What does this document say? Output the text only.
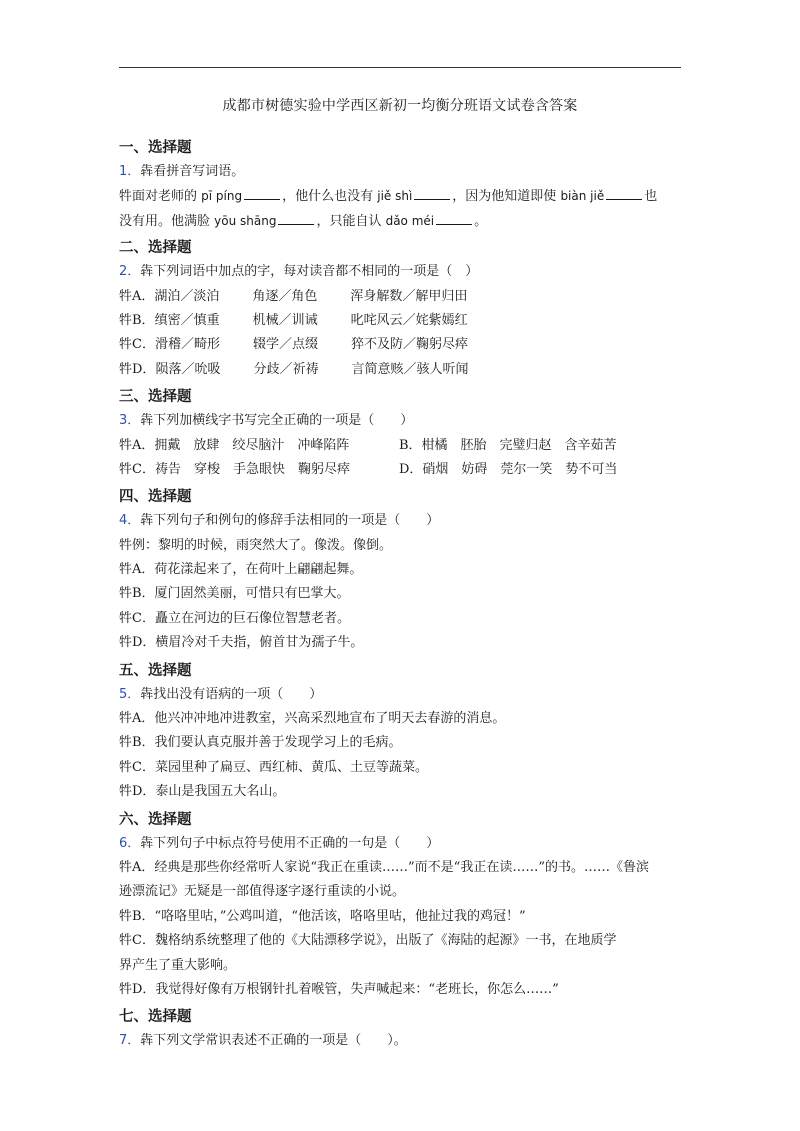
成都市树德实验中学西区新初一均衡分班语文试卷含答案
一、选择题
1．犇看拼音写词语。
牪面对老师的 pī píng	，他什么也没有 jiě shì	，因为他知道即使 biàn jiě	也
没有用。他满脸 yōu shāng	，只能自认 dǎo méi	。
二、选择题
2．犇下列词语中加点的字，每对读音都不相同的一项是（　）
牪A．湖泊／淡泊	角逐／角色	浑身解数／解甲归田
牪B．缜密／慎重	机械／训诫	叱咤风云／姹紫嫣红
牪C．滑稽／畸形	辍学／点缀	猝不及防／鞠躬尽瘁
牪D．陨落／吮吸	分歧／祈祷	言简意赅／骇人听闻
三、选择题
3．犇下列加横线字书写完全正确的一项是（　　）
牪A．拥戴　放肆　绞尽脑汁　冲峰陷阵	B．柑橘　胚胎　完璧归赵　含辛茹苦
牪C．祷告　穿梭　手急眼快　鞠躬尽瘁	D．硝烟　妨碍　莞尔一笑　势不可当
四、选择题
4．犇下列句子和例句的修辞手法相同的一项是（　　）
牪例：黎明的时候，雨突然大了。像泼。像倒。
牪A．荷花漾起来了，在荷叶上翩翩起舞。
牪B．厦门固然美丽，可惜只有巴掌大。
牪C．矗立在河边的巨石像位智慧老者。
牪D．横眉冷对千夫指，俯首甘为孺子牛。
五、选择题
5．犇找出没有语病的一项（　　）
牪A．他兴冲冲地冲进教室，兴高采烈地宣布了明天去春游的消息。
牪B．我们要认真克服并善于发现学习上的毛病。
牪C．菜园里种了扁豆、西红柿、黄瓜、土豆等蔬菜。
牪D．泰山是我国五大名山。
六、选择题
6．犇下列句子中标点符号使用不正确的一句是（　　）
牪A．经典是那些你经常听人家说“我正在重读……”而不是“我正在读……”的书。……《鲁滨
逊漂流记》无疑是一部值得逐字逐行重读的小说。
牪B．“咯咯里咕，”公鸡叫道，“他活该，咯咯里咕，他扯过我的鸡冠！”
牪C．魏格纳系统整理了他的《大陆漂移学说》，出版了《海陆的起源》一书，在地质学
界产生了重大影响。
牪D．我觉得好像有万根钢针扎着喉管，失声喊起来：“老班长，你怎么……”
七、选择题
7．犇下列文学常识表述不正确的一项是（　　）。
